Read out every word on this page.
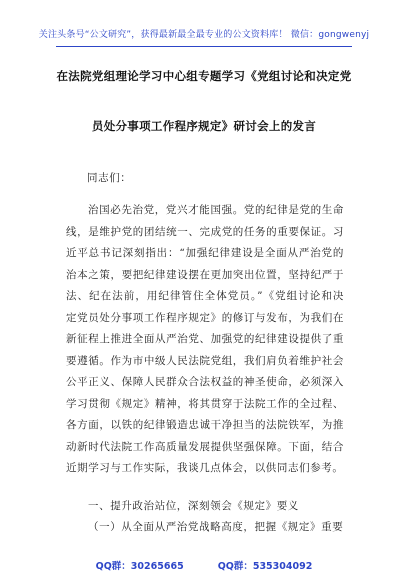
关注头条号“公文研究”，获得最新最全最专业的公文资料库！ 微信：gongwenyj
在法院党组理论学习中心组专题学习《党组讨论和决定党
员处分事项工作程序规定》研讨会上的发言
同志们：

治国必先治党，党兴才能国强。党的纪律是党的生命线，是维护党的团结统一、完成党的任务的重要保证。习近平总书记深刻指出：“加强纪律建设是全面从严治党的治本之策，要把纪律建设摆在更加突出位置，坚持纪严于法、纪在法前，用纪律管住全体党员。”《党组讨论和决定党员处分事项工作程序规定》的修订与发布，为我们在新征程上推进全面从严治党、加强党的纪律建设提供了重要遵循。作为市中级人民法院党组，我们肩负着维护社会公平正义、保障人民群众合法权益的神圣使命，必须深入学习贯彻《规定》精神，将其贯穿于法院工作的全过程、各方面，以铁的纪律锻造忠诚干净担当的法院铁军，为推动新时代法院工作高质量发展提供坚强保障。下面，结合近期学习与工作实际，我谈几点体会，以供同志们参考。

一、提升政治站位，深刻领会《规定》要义
（一）从全面从严治党战略高度，把握《规定》重要
QQ群：30265665	QQ群：535304092
